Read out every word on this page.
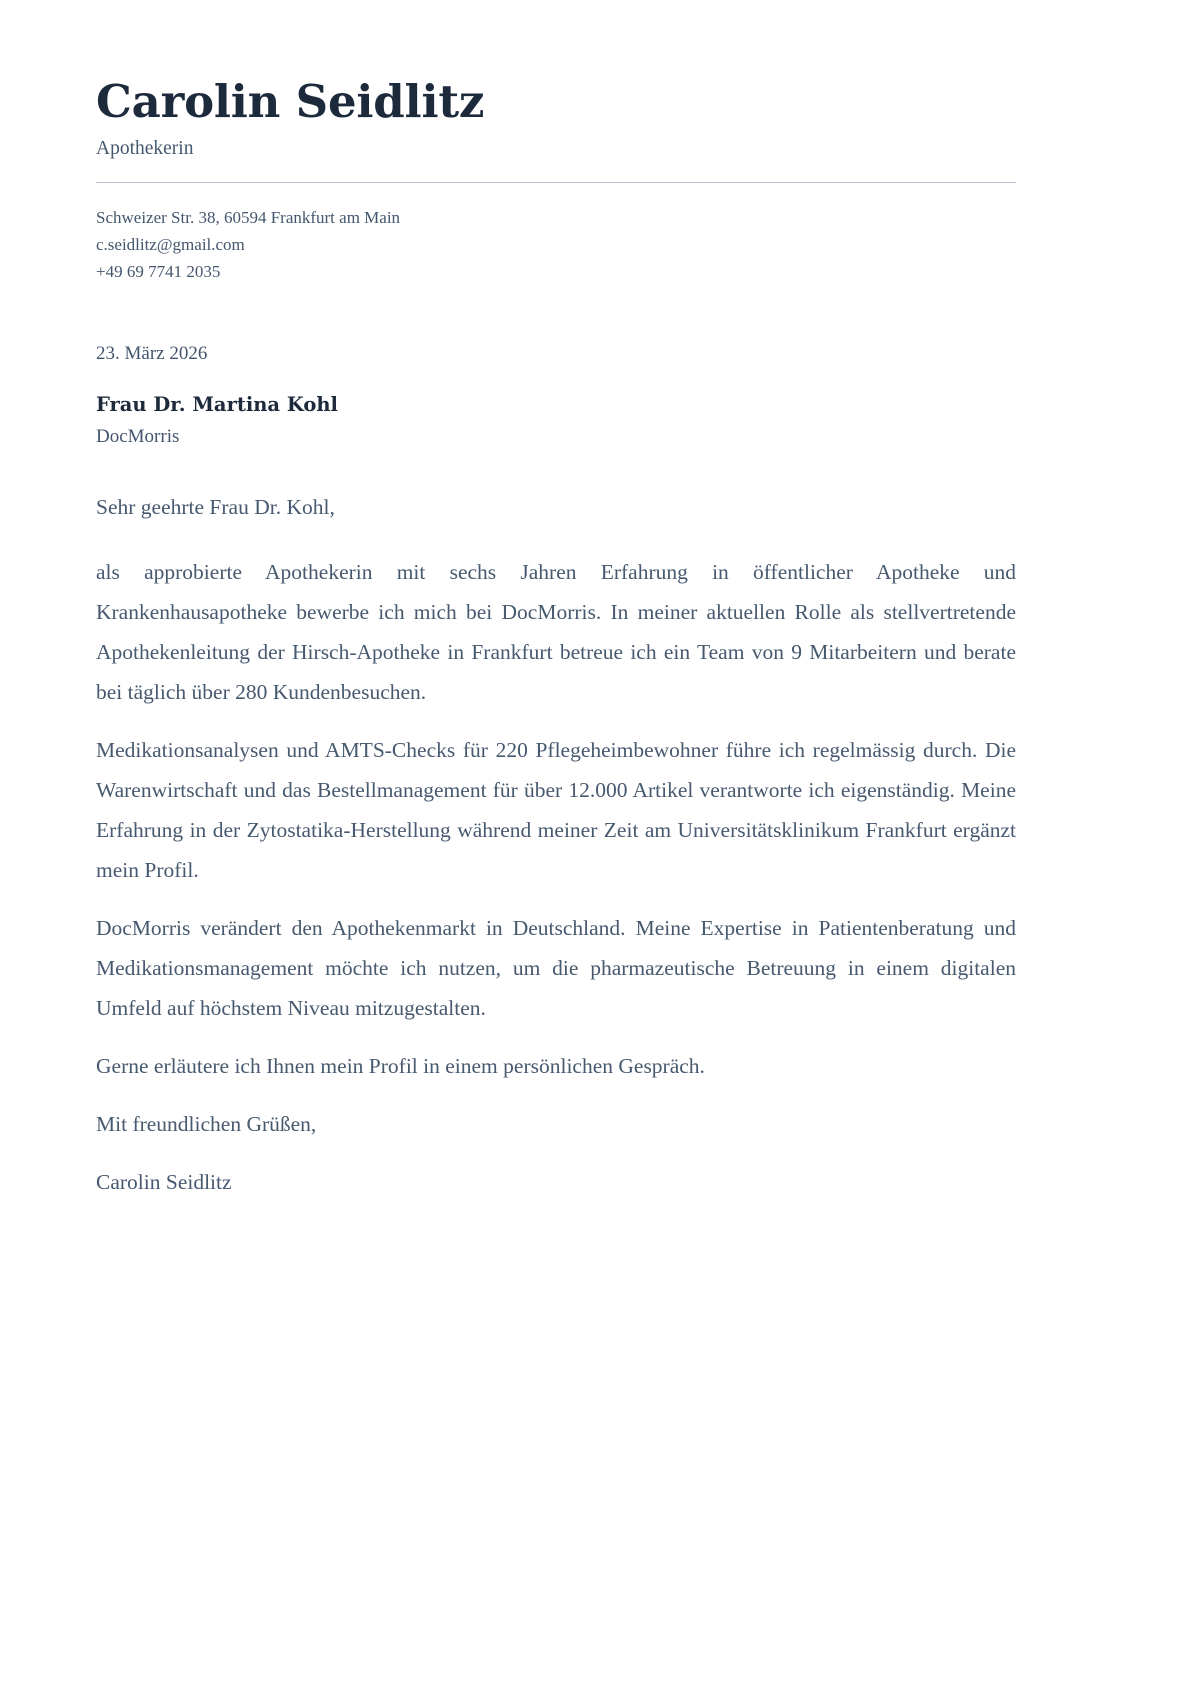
Carolin Seidlitz
Apothekerin
Schweizer Str. 38, 60594 Frankfurt am Main
c.seidlitz@gmail.com
+49 69 7741 2035
23. März 2026
Frau Dr. Martina Kohl
DocMorris

Sehr geehrte Frau Dr. Kohl,

als approbierte Apothekerin mit sechs Jahren Erfahrung in öffentlicher Apotheke und Krankenhausapotheke bewerbe ich mich bei DocMorris. In meiner aktuellen Rolle als stellvertretende Apothekenleitung der Hirsch-Apotheke in Frankfurt betreue ich ein Team von 9 Mitarbeitern und berate bei täglich über 280 Kundenbesuchen.

Medikationsanalysen und AMTS-Checks für 220 Pflegeheimbewohner führe ich regelmässig durch. Die Warenwirtschaft und das Bestellmanagement für über 12.000 Artikel verantworte ich eigenständig. Meine Erfahrung in der Zytostatika-Herstellung während meiner Zeit am Universitätsklinikum Frankfurt ergänzt mein Profil.

DocMorris verändert den Apothekenmarkt in Deutschland. Meine Expertise in Patientenberatung und Medikationsmanagement möchte ich nutzen, um die pharmazeutische Betreuung in einem digitalen Umfeld auf höchstem Niveau mitzugestalten.

Gerne erläutere ich Ihnen mein Profil in einem persönlichen Gespräch.

Mit freundlichen Grüßen,

Carolin Seidlitz
